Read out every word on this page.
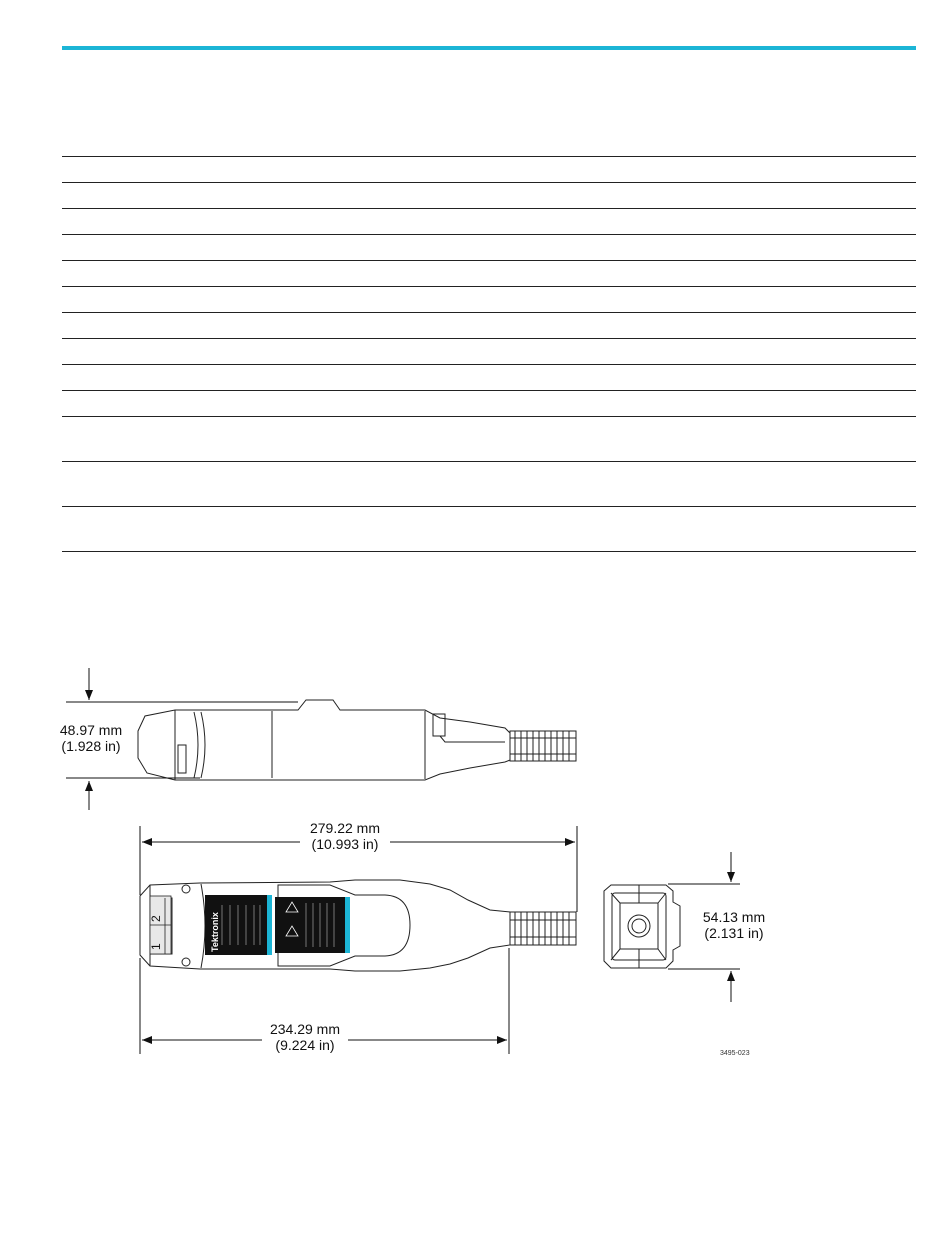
1
2	Tektronix
48.97 mm
(1.928 in)
279.22 mm
(10.993 in)
234.29 mm
(9.224 in)
54.13 mm
(2.131 in)
3495-023
